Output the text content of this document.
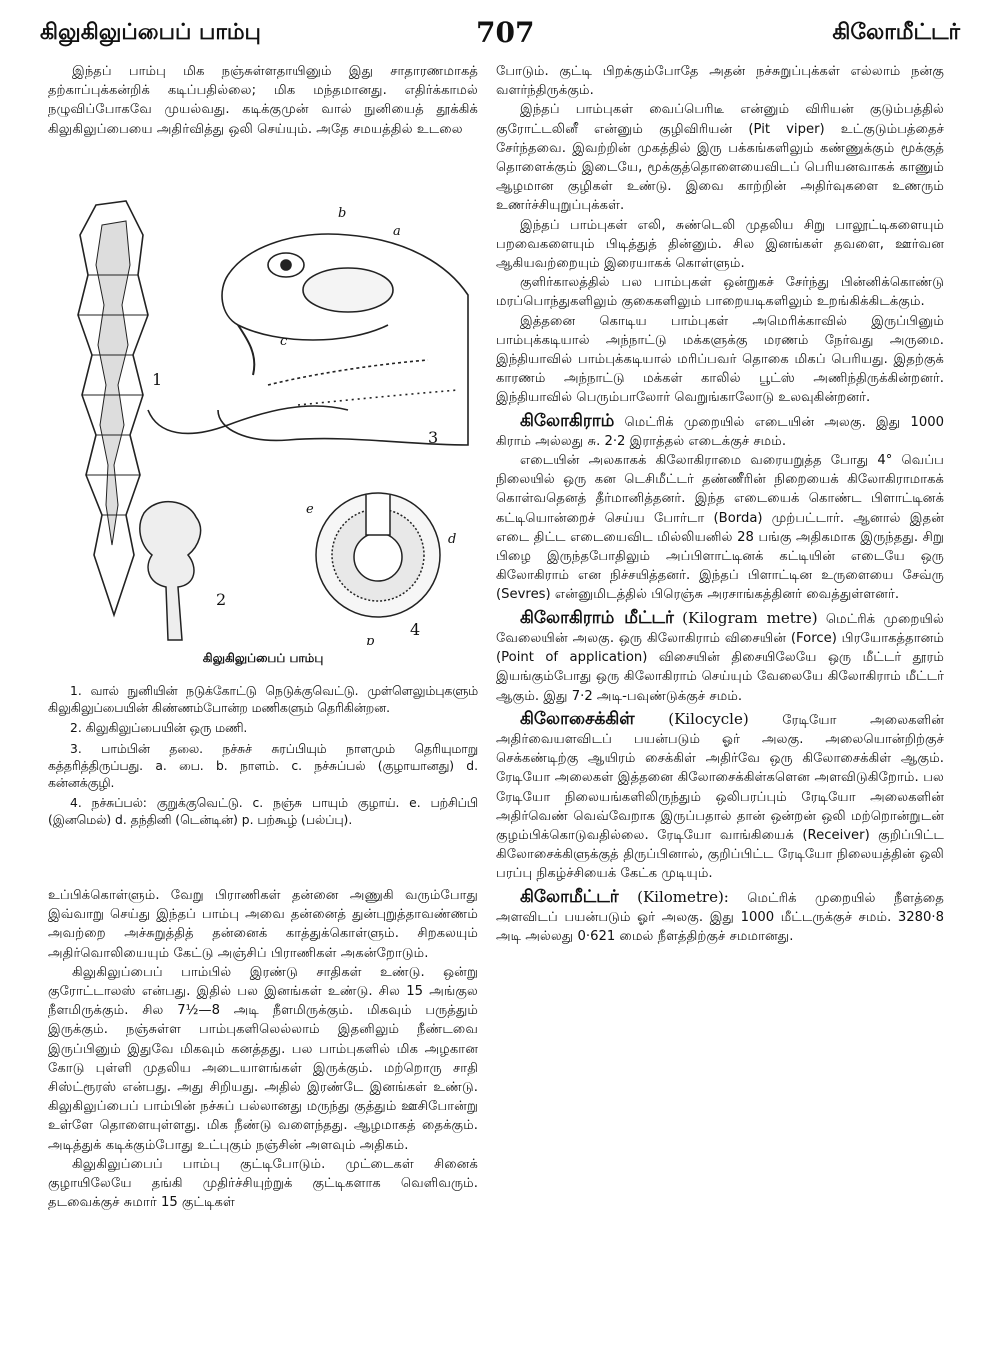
கிலுகிலுப்பைப் பாம்பு	707	கிலோமீட்டர்

இந்தப் பாம்பு மிக நஞ்சுள்ளதாயினும் இது சாதாரணமாகத் தற்காப்புக்கன்றிக் கடிப்பதில்லை; மிக மந்தமானது. எதிர்க்காமல் நழுவிப்போகவே முயல்வது. கடிக்குமுன் வால் நுனியைத் தூக்கிக் கிலுகிலுப்பையை அதிர்வித்து ஒலி செய்யும். அதே சமயத்தில் உடலை

1
2
3
4
a
b
c
d
e
p
கிலுகிலுப்பைப் பாம்பு

1. வால் நுனியின் நடுக்கோட்டு நெடுக்குவெட்டு. முள்ளெலும்புகளும் கிலுகிலுப்பையின் கிண்ணம்போன்ற மணிகளும் தெரிகின்றன.

2. கிலுகிலுப்பையின் ஒரு மணி.

3. பாம்பின் தலை. நச்சுச் சுரப்பியும் நாளமும் தெரியுமாறு கத்தரித்திருப்பது. a. பை. b. நாளம். c. நச்சுப்பல் (குழாயானது) d. கன்னக்குழி.

4. நச்சுப்பல்: குறுக்குவெட்டு. c. நஞ்சு பாயும் குழாய். e. பற்சிப்பி (இனமெல்) d. தந்தினி (டென்டின்) p. பற்கூழ் (பல்ப்பு).

உப்பிக்கொள்ளும். வேறு பிராணிகள் தன்னை அணுகி வரும்போது இவ்வாறு செய்து இந்தப் பாம்பு அவை தன்னைத் துன்புறுத்தாவண்ணம் அவற்றை அச்சுறுத்தித் தன்னைக் காத்துக்கொள்ளும். சிறகலயும் அதிர்வொலியையும் கேட்டு அஞ்சிப் பிராணிகள் அகன்றோடும்.

கிலுகிலுப்பைப் பாம்பில் இரண்டு சாதிகள் உண்டு. ஒன்று குரோட்டாலஸ் என்பது. இதில் பல இனங்கள் உண்டு. சில 15 அங்குல நீளமிருக்கும். சில 7½—8 அடி நீளமிருக்கும். மிகவும் பருத்தும் இருக்கும். நஞ்சுள்ள பாம்புகளிலெல்லாம் இதனிலும் நீண்டவை இருப்பினும் இதுவே மிகவும் கனத்தது. பல பாம்புகளில் மிக அழகான கோடு புள்ளி முதலிய அடையாளங்கள் இருக்கும். மற்றொரு சாதி சிஸ்ட்ரூரஸ் என்பது. அது சிறியது. அதில் இரண்டே இனங்கள் உண்டு. கிலுகிலுப்பைப் பாம்பின் நச்சுப் பல்லானது மருந்து குத்தும் ஊசிபோன்று உள்ளே தொளையுள்ளது. மிக நீண்டு வளைந்தது. ஆழமாகத் தைக்கும். அடித்துக் கடிக்கும்போது உட்புகும் நஞ்சின் அளவும் அதிகம்.

கிலுகிலுப்பைப் பாம்பு குட்டிபோடும். முட்டைகள் சினைக் குழாயிலேயே தங்கி முதிர்ச்சியுற்றுக் குட்டிகளாக வெளிவரும். தடவைக்குச் சுமார் 15 குட்டிகள்

போடும். குட்டி பிறக்கும்போதே அதன் நச்சுறுப்புக்கள் எல்லாம் நன்கு வளர்ந்திருக்கும்.

இந்தப் பாம்புகள் வைப்பெரிடீ என்னும் விரியன் குடும்பத்தில் குரோட்டலினீ என்னும் குழிவிரியன் (Pit viper) உட்குடும்பத்தைச் சேர்ந்தவை. இவற்றின் முகத்தில் இரு பக்கங்களிலும் கண்ணுக்கும் மூக்குத் தொளைக்கும் இடையே, மூக்குத்தொளையைவிடப் பெரியனவாகக் காணும் ஆழமான குழிகள் உண்டு. இவை காற்றின் அதிர்வுகளை உணரும் உணர்ச்சியுறுப்புக்கள்.

இந்தப் பாம்புகள் எலி, சுண்டெலி முதலிய சிறு பாலூட்டிகளையும் பறவைகளையும் பிடித்துத் தின்னும். சில இனங்கள் தவளை, ஊர்வன ஆகியவற்றையும் இரையாகக் கொள்ளும்.

குளிர்காலத்தில் பல பாம்புகள் ஒன்றுகச் சேர்ந்து பின்னிக்கொண்டு மரப்பொந்துகளிலும் குகைகளிலும் பாறையடிகளிலும் உறங்கிக்கிடக்கும்.

இத்தனை கொடிய பாம்புகள் அமெரிக்காவில் இருப்பினும் பாம்புக்கடியால் அந்நாட்டு மக்களுக்கு மரணம் நேர்வது அருமை. இந்தியாவில் பாம்புக்கடியால் மரிப்பவர் தொகை மிகப் பெரியது. இதற்குக் காரணம் அந்நாட்டு மக்கள் காலில் பூட்ஸ் அணிந்திருக்கின்றனர். இந்தியாவில் பெரும்பாலோர் வெறுங்காலோடு உலவுகின்றனர்.

கிலோகிராம் மெட்ரிக் முறையில் எடையின் அலகு. இது 1000 கிராம் அல்லது சு. 2·2 இராத்தல் எடைக்குச் சமம்.

எடையின் அலகாகக் கிலோகிராமை வரையறுத்த போது 4° வெப்ப நிலையில் ஒரு கன டெசிமீட்டர் தண்ணீரின் நிறையைக் கிலோகிராமாகக் கொள்வதெனத் தீர்மானித்தனர். இந்த எடையைக் கொண்ட பிளாட்டினக் கட்டியொன்றைச் செய்ய போர்டா (Borda) முற்பட்டார். ஆனால் இதன் எடை திட்ட எடையைவிட மில்லியனில் 28 பங்கு அதிகமாக இருந்தது. சிறு பிழை இருந்தபோதிலும் அப்பிளாட்டினக் கட்டியின் எடையே ஒரு கிலோகிராம் என நிச்சயித்தனர். இந்தப் பிளாட்டின உருளையை சேவ்ரு (Sevres) என்னுமிடத்தில் பிரெஞ்சு அரசாங்கத்தினர் வைத்துள்ளனர்.

கிலோகிராம் மீட்டர் (Kilogram metre) மெட்ரிக் முறையில் வேலையின் அலகு. ஒரு கிலோகிராம் விசையின் (Force) பிரயோகத்தானம் (Point of application) விசையின் திசையிலேயே ஒரு மீட்டர் தூரம் இயங்கும்போது ஒரு கிலோகிராம் செய்யும் வேலையே கிலோகிராம் மீட்டர் ஆகும். இது 7·2 அடி-பவுண்டுக்குச் சமம்.

கிலோசைக்கிள் (Kilocycle)	ரேடியோ அலைகளின் அதிர்வையளவிடப் பயன்படும் ஓர் அலகு. அலையொன்றிற்குச் செக்கண்டிற்கு ஆயிரம் சைக்கிள் அதிர்வே ஒரு கிலோசைக்கிள் ஆகும். ரேடியோ அலைகள் இத்தனை கிலோசைக்கிள்களென அளவிடுகிறோம். பல ரேடியோ நிலையங்களிலிருந்தும் ஒலிபரப்பும் ரேடியோ அலைகளின் அதிர்வெண் வெவ்வேறாக இருப்பதால் தான் ஒன்றன் ஒலி மற்றொன்றுடன் குழம்பிக்கொடுவதில்லை. ரேடியோ வாங்கியைக் (Receiver) குறிப்பிட்ட கிலோசைக்கிளுக்குத் திருப்பினால், குறிப்பிட்ட ரேடியோ நிலையத்தின் ஒலி பரப்பு நிகழ்ச்சியைக் கேட்க முடியும்.

கிலோமீட்டர் (Kilometre): மெட்ரிக் முறையில் நீளத்தை அளவிடப் பயன்படும் ஓர் அலகு. இது 1000 மீட்டருக்குச் சமம். 3280·8 அடி அல்லது 0·621 மைல் நீளத்திற்குச் சமமானது.
